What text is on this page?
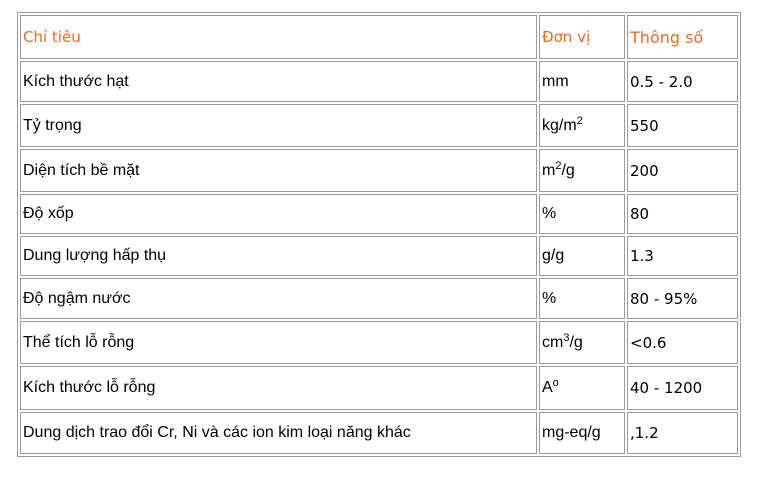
Chỉ tiêu	Đơn vị	Thông số
Kích thước hạt	mm	0.5 - 2.0
Tỷ trọng	$kg/m^2$	550
Diện tích bề mặt	$m^2/g$	200
Độ xốp	%	80
Dung lượng hấp thụ	g/g	1.3
Độ ngậm nước	%	80 - 95%
Thể tích lỗ rỗng	$cm^3/g$	<0.6
Kích thước lỗ rỗng	$A^o$	40 - 1200
Dung dịch trao đổi Cr, Ni và các ion kim loại năng khác	mg-eq/g	,1.2
